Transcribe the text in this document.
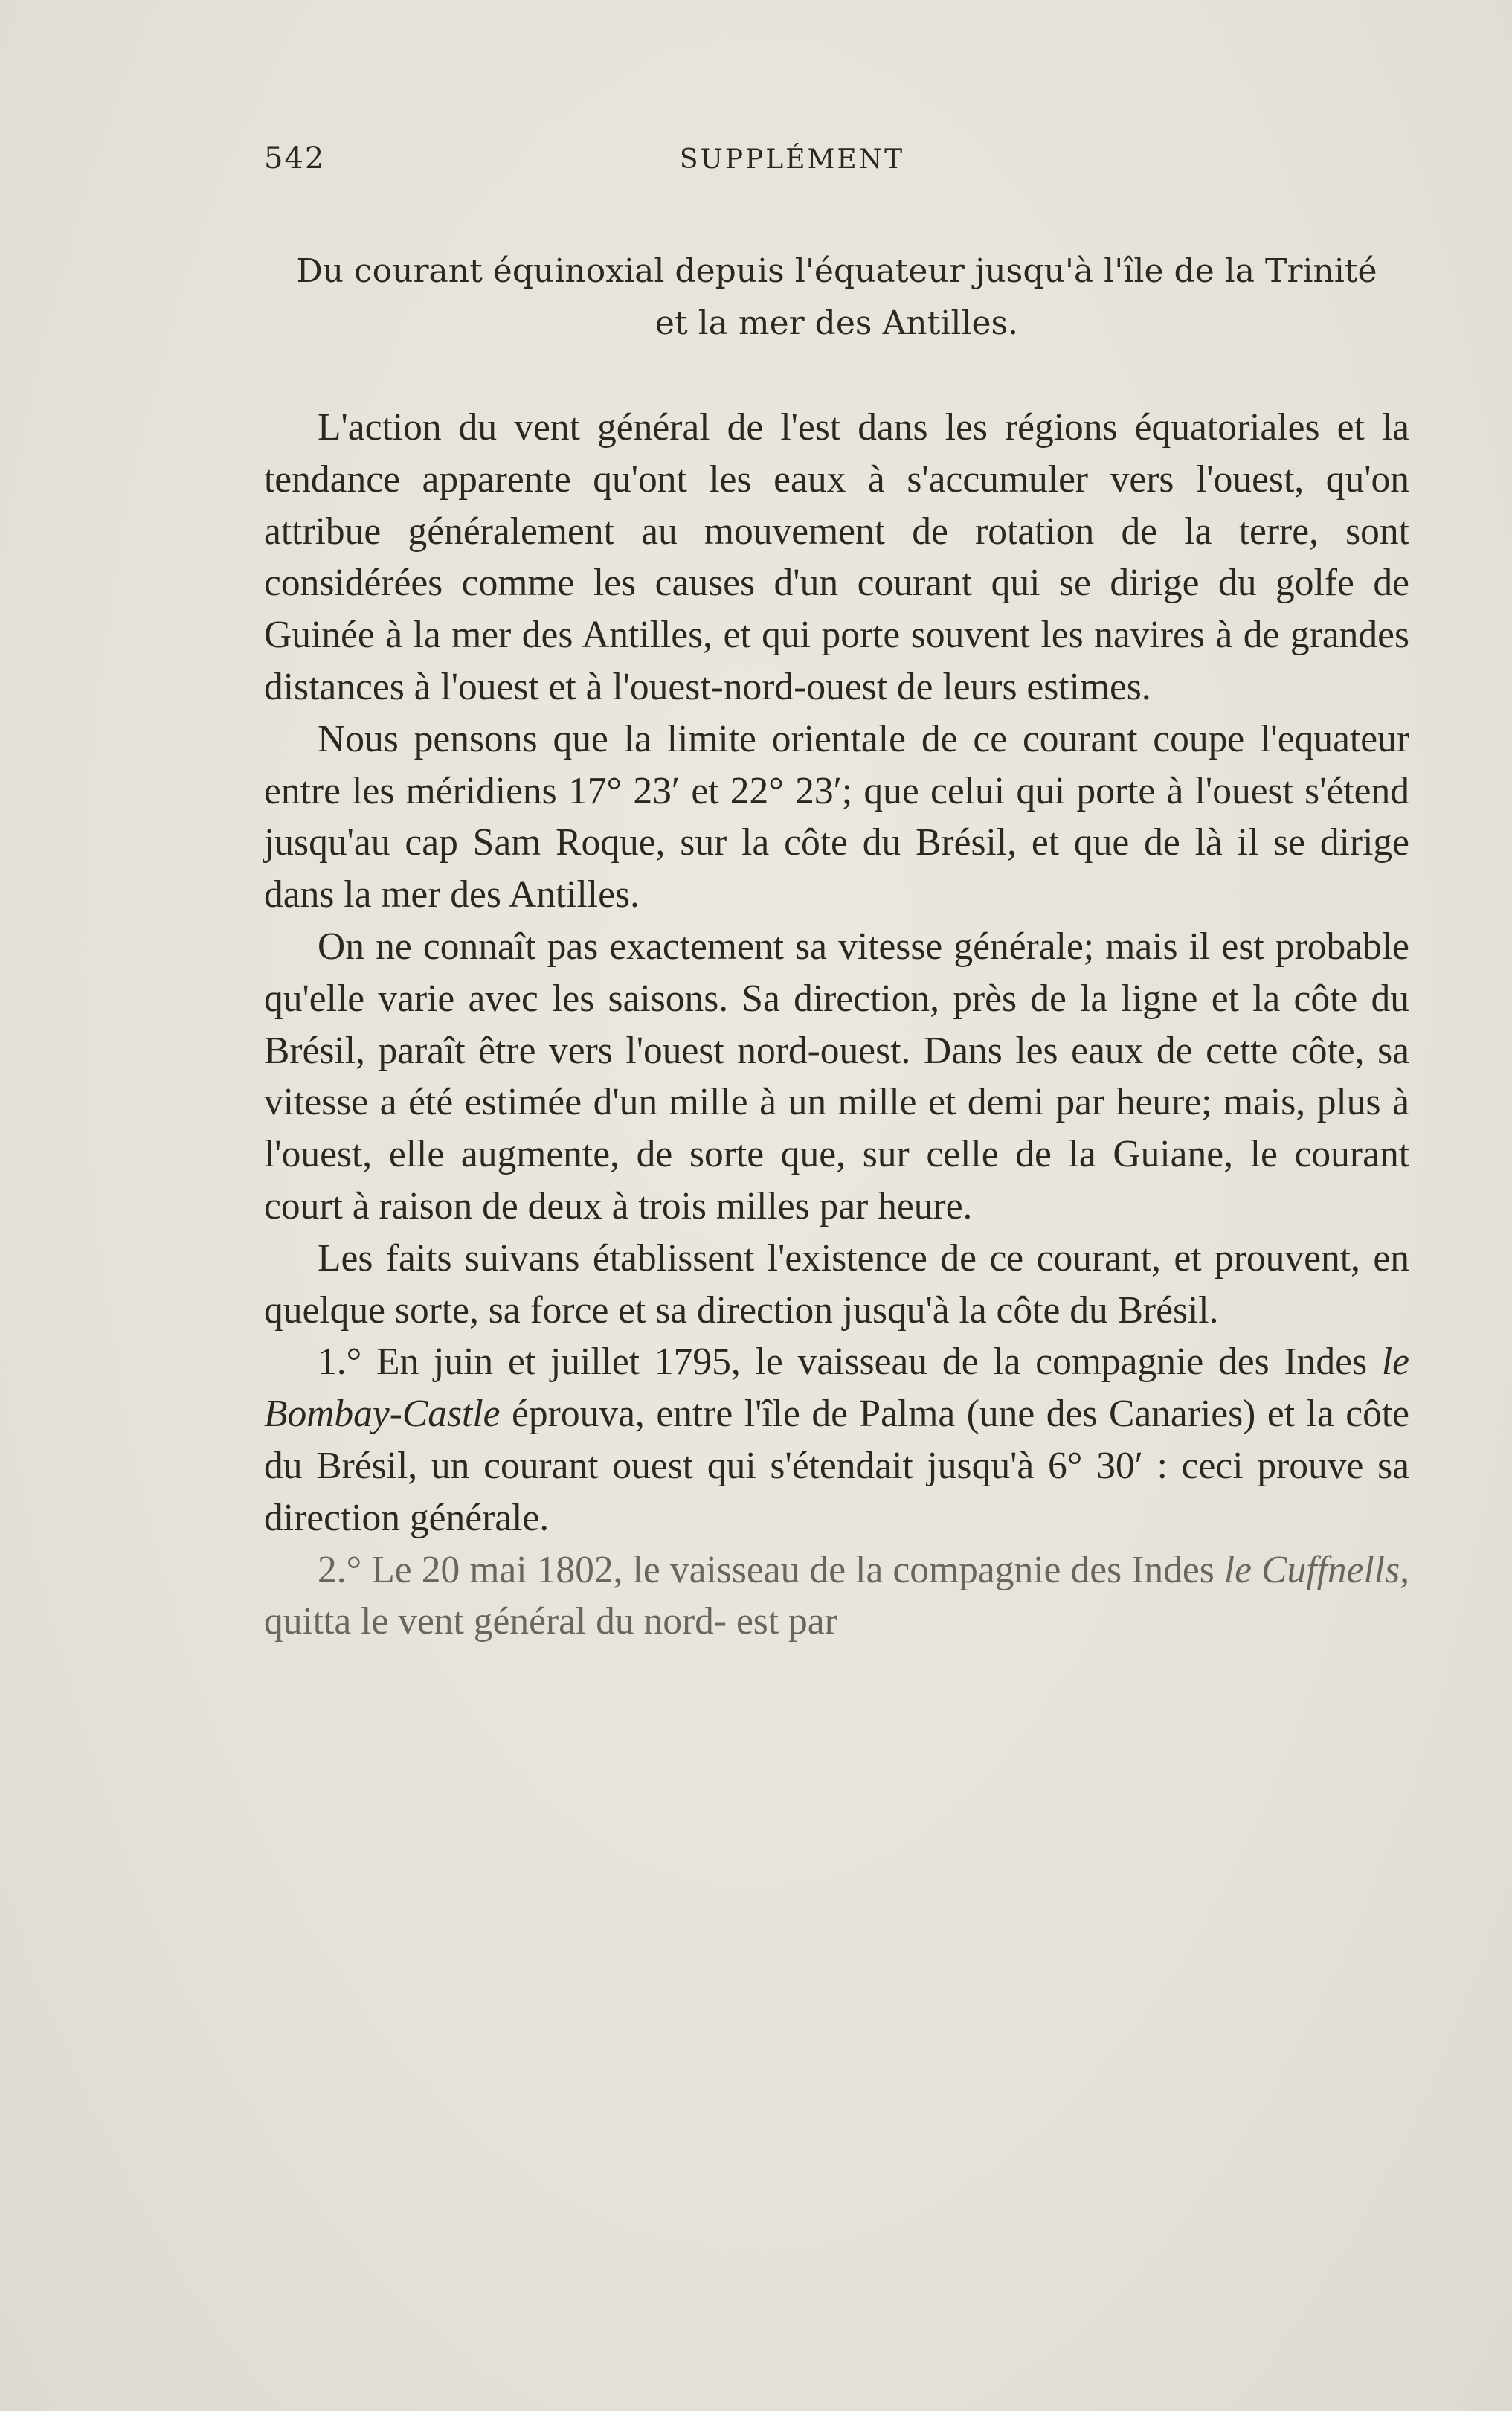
542	SUPPLÉMENT
Du courant équinoxial depuis l'équateur jusqu'à l'île de la Trinité
et la mer des Antilles.

L'action du vent général de l'est dans les régions équatoriales et la tendance apparente qu'ont les eaux à s'accumuler vers l'ouest, qu'on attribue généralement au mouvement de rotation de la terre, sont considérées comme les causes d'un courant qui se dirige du golfe de Guinée à la mer des Antilles, et qui porte souvent les navires à de grandes distances à l'ouest et à l'ouest-nord-ouest de leurs estimes.

Nous pensons que la limite orientale de ce courant coupe l'equateur entre les méridiens 17° 23′ et 22° 23′; que celui qui porte à l'ouest s'étend jusqu'au cap Sam Roque, sur la côte du Brésil, et que de là il se dirige dans la mer des Antilles.

On ne connaît pas exactement sa vitesse générale; mais il est probable qu'elle varie avec les saisons. Sa direction, près de la ligne et la côte du Brésil, paraît être vers l'ouest nord-ouest. Dans les eaux de cette côte, sa vitesse a été estimée d'un mille à un mille et demi par heure; mais, plus à l'ouest, elle augmente, de sorte que, sur celle de la Guiane, le courant court à raison de deux à trois milles par heure.

Les faits suivans établissent l'existence de ce courant, et prouvent, en quelque sorte, sa force et sa direction jusqu'à la côte du Brésil.

1.° En juin et juillet 1795, le vaisseau de la compagnie des Indes le Bombay-Castle éprouva, entre l'île de Palma (une des Canaries) et la côte du Brésil, un courant ouest qui s'étendait jusqu'à 6° 30′ : ceci prouve sa direction générale.

2.° Le 20 mai 1802, le vaisseau de la compagnie des Indes le Cuffnells, quitta le vent général du nord- est par
